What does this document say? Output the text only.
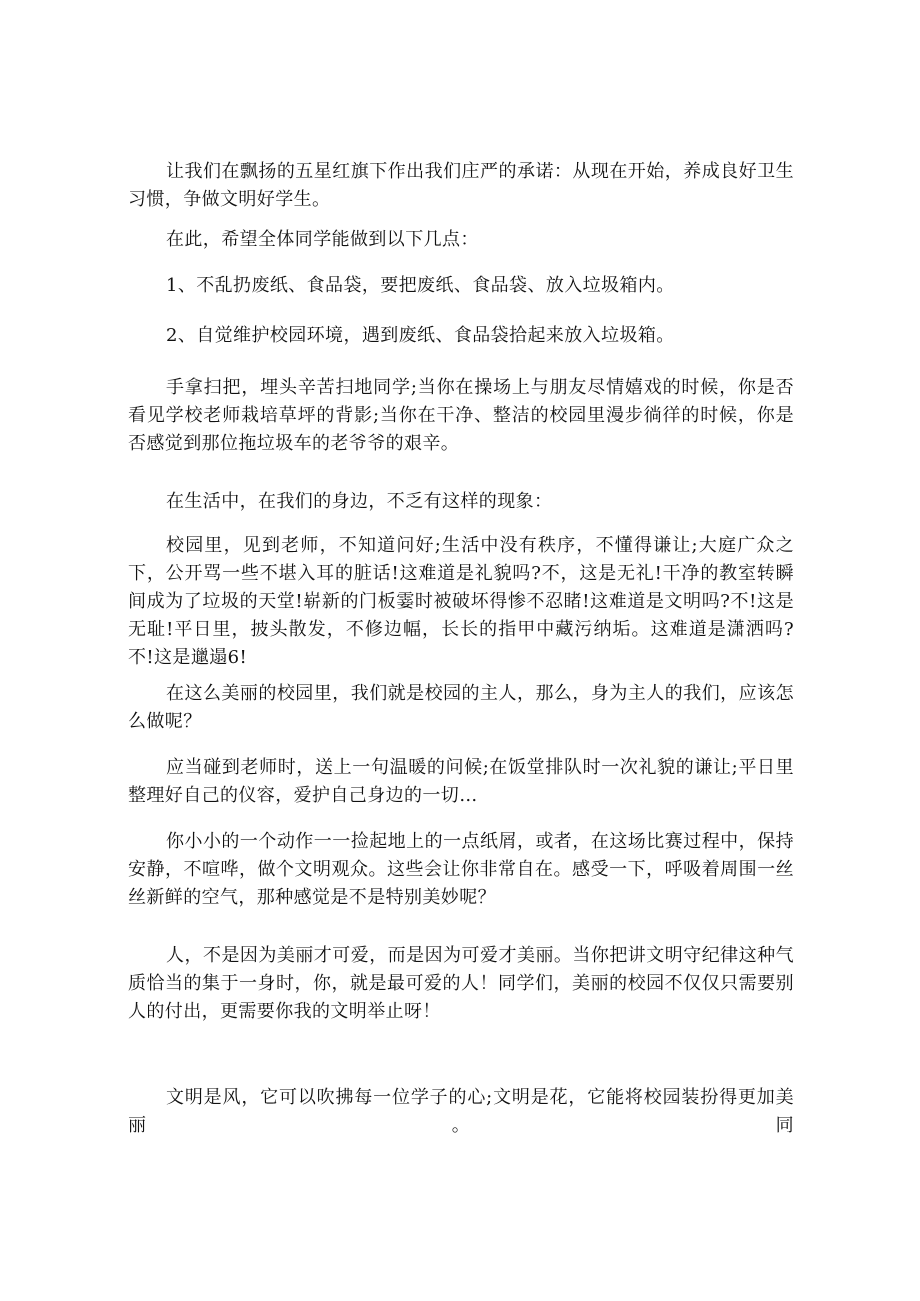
让我们在飘扬的五星红旗下作出我们庄严的承诺：从现在开始，养成良好卫生习惯，争做文明好学生。

在此，希望全体同学能做到以下几点：

1、不乱扔废纸、食品袋，要把废纸、食品袋、放入垃圾箱内。

2、自觉维护校园环境，遇到废纸、食品袋拾起来放入垃圾箱。

手拿扫把，埋头辛苦扫地同学;当你在操场上与朋友尽情嬉戏的时候，你是否看见学校老师栽培草坪的背影;当你在干净、整洁的校园里漫步徜徉的时候，你是否感觉到那位拖垃圾车的老爷爷的艰辛。

在生活中，在我们的身边，不乏有这样的现象：

校园里，见到老师，不知道问好;生活中没有秩序，不懂得谦让;大庭广众之下，公开骂一些不堪入耳的脏话!这难道是礼貌吗?不，这是无礼!干净的教室转瞬间成为了垃圾的天堂!崭新的门板霎时被破坏得惨不忍睹!这难道是文明吗?不!这是无耻!平日里，披头散发，不修边幅，长长的指甲中藏污纳垢。这难道是潇洒吗?不!这是邋遢6!

在这么美丽的校园里，我们就是校园的主人，那么，身为主人的我们，应该怎么做呢？

应当碰到老师时，送上一句温暖的问候;在饭堂排队时一次礼貌的谦让;平日里整理好自己的仪容，爱护自己身边的一切…

你小小的一个动作一一捡起地上的一点纸屑，或者，在这场比赛过程中，保持安静，不喧哗，做个文明观众。这些会让你非常自在。感受一下，呼吸着周围一丝丝新鲜的空气，那种感觉是不是特别美妙呢？

人，不是因为美丽才可爱，而是因为可爱才美丽。当你把讲文明守纪律这种气质恰当的集于一身时，你，就是最可爱的人！同学们，美丽的校园不仅仅只需要别人的付出，更需要你我的文明举止呀！

文明是风，它可以吹拂每一位学子的心;文明是花，它能将校园装扮得更加美丽。同
